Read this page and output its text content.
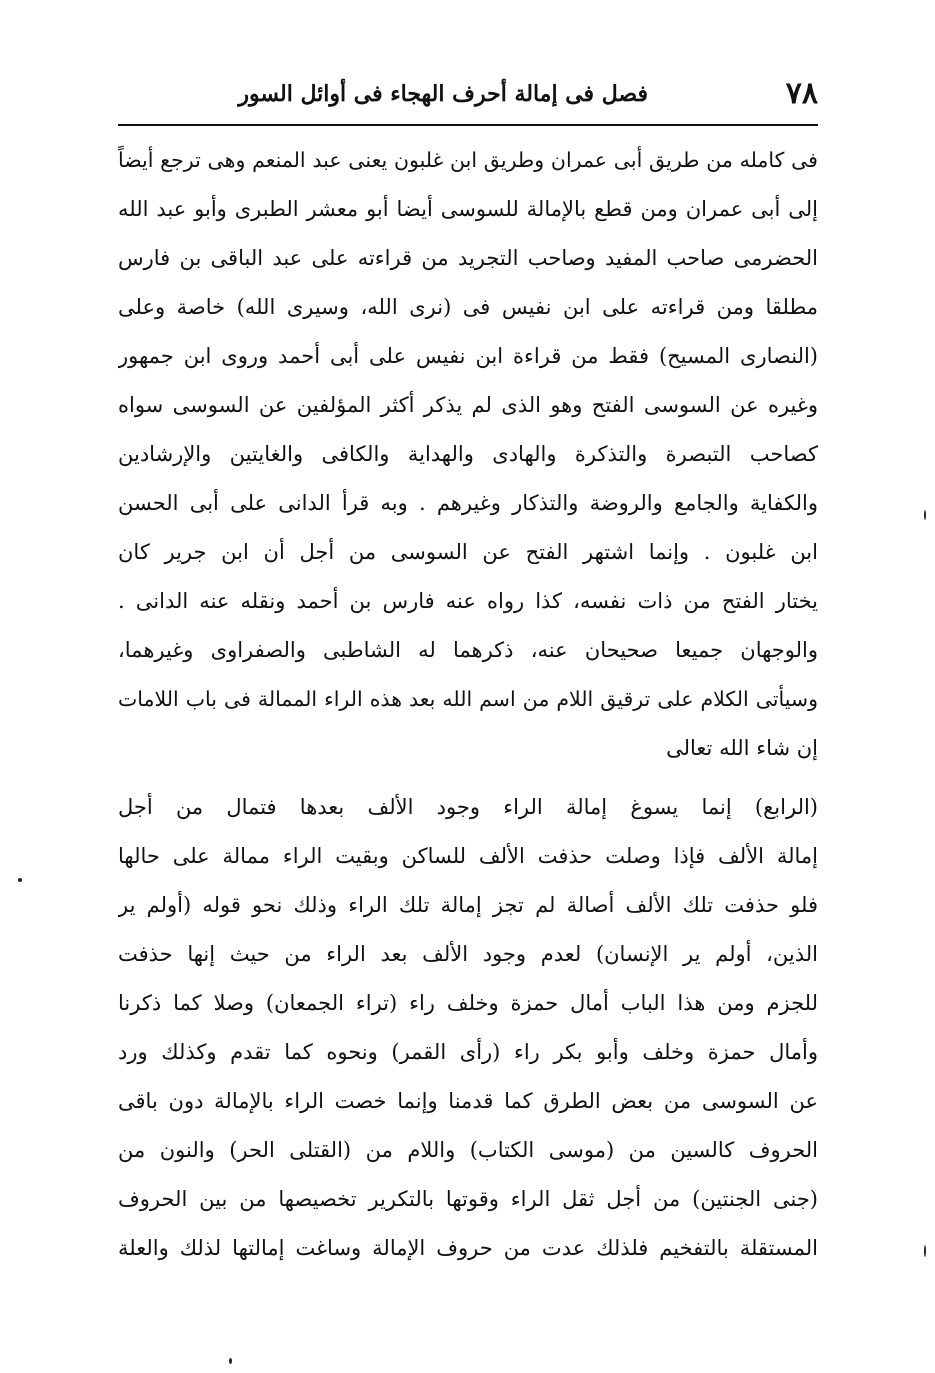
٧٨
فصل فى إمالة أحرف الهجاء فى أوائل السور
فى كامله من طريق أبى عمران وطريق ابن غلبون يعنى عبد المنعم وهى ترجع أيضاً
إلى أبى عمران ومن قطع بالإمالة للسوسى أيضا أبو معشر الطبرى وأبو عبد الله
الحضرمى صاحب المفيد وصاحب التجريد من قراءته على عبد الباقى بن فارس
مطلقا ومن قراءته على ابن نفيس فى (نرى الله، وسيرى الله) خاصة وعلى
(النصارى المسيح) فقط من قراءة ابن نفيس على أبى أحمد وروى ابن جمهور
وغيره عن السوسى الفتح وهو الذى لم يذكر أكثر المؤلفين عن السوسى سواه
كصاحب التبصرة والتذكرة والهادى والهداية والكافى والغايتين والإرشادين
والكفاية والجامع والروضة والتذكار وغيرهم . وبه قرأ الدانى على أبى الحسن
ابن غلبون . وإنما اشتهر الفتح عن السوسى من أجل أن ابن جرير كان
يختار الفتح من ذات نفسه، كذا رواه عنه فارس بن أحمد ونقله عنه الدانى .
والوجهان جميعا صحيحان عنه، ذكرهما له الشاطبى والصفراوى وغيرهما،
وسيأتى الكلام على ترقيق اللام من اسم الله بعد هذه الراء الممالة فى باب اللامات
إن شاء الله تعالى
(الرابع) إنما يسوغ إمالة الراء وجود الألف بعدها فتمال من أجل
إمالة الألف فإذا وصلت حذفت الألف للساكن وبقيت الراء ممالة على حالها
فلو حذفت تلك الألف أصالة لم تجز إمالة تلك الراء وذلك نحو قوله (أولم ير
الذين، أولم ير الإنسان) لعدم وجود الألف بعد الراء من حيث إنها حذفت
للجزم ومن هذا الباب أمال حمزة وخلف راء (تراء الجمعان) وصلا كما ذكرنا
وأمال حمزة وخلف وأبو بكر راء (رأى القمر) ونحوه كما تقدم وكذلك ورد
عن السوسى من بعض الطرق كما قدمنا وإنما خصت الراء بالإمالة دون باقى
الحروف كالسين من (موسى الكتاب) واللام من (القتلى الحر) والنون من
(جنى الجنتين) من أجل ثقل الراء وقوتها بالتكرير تخصيصها من بين الحروف
المستقلة بالتفخيم فلذلك عدت من حروف الإمالة وساغت إمالتها لذلك والعلة
